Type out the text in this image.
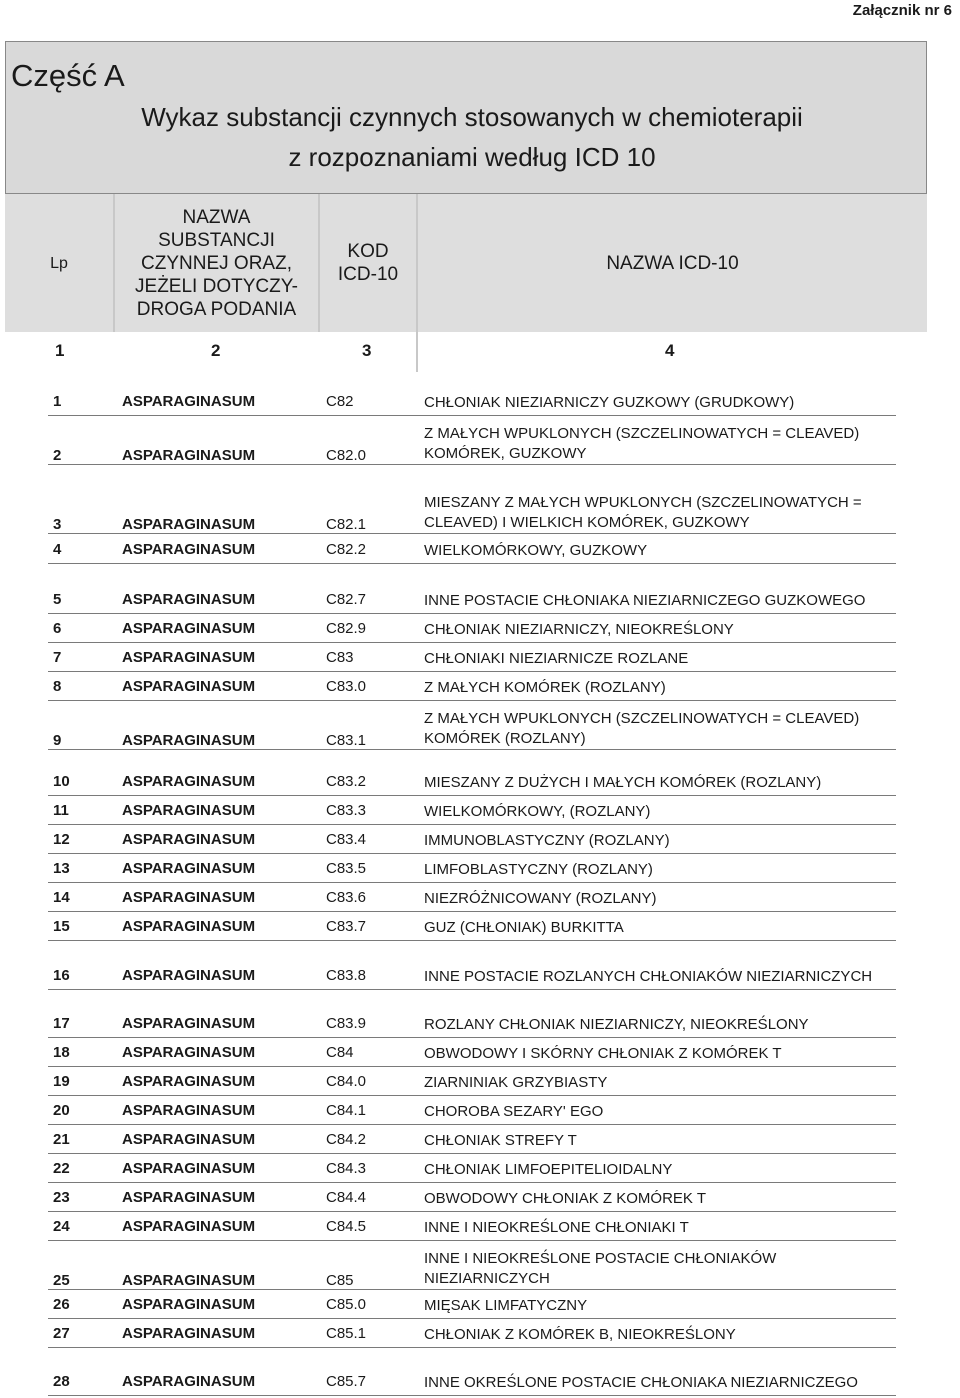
Załącznik nr 6
Część A
Wykaz substancji czynnych stosowanych w chemioterapii
z rozpoznaniami według ICD 10
Lp
NAZWA
SUBSTANCJI
CZYNNEJ ORAZ,
JEŻELI DOTYCZY-
DROGA PODANIA
KOD
ICD-10
NAZWA ICD-10
1	2	3	4
1	ASPARAGINASUM	C82	CHŁONIAK NIEZIARNICZY GUZKOWY (GRUDKOWY)
2	ASPARAGINASUM	C82.0
Z MAŁYCH WPUKLONYCH (SZCZELINOWATYCH = CLEAVED)
KOMÓREK, GUZKOWY
3	ASPARAGINASUM	C82.1
MIESZANY Z MAŁYCH WPUKLONYCH (SZCZELINOWATYCH =
CLEAVED) I WIELKICH KOMÓREK, GUZKOWY
4	ASPARAGINASUM	C82.2	WIELKOMÓRKOWY, GUZKOWY
5	ASPARAGINASUM	C82.7	INNE POSTACIE CHŁONIAKA NIEZIARNICZEGO GUZKOWEGO
6	ASPARAGINASUM	C82.9	CHŁONIAK NIEZIARNICZY, NIEOKREŚLONY
7	ASPARAGINASUM	C83	CHŁONIAKI NIEZIARNICZE ROZLANE
8	ASPARAGINASUM	C83.0	Z MAŁYCH KOMÓREK (ROZLANY)
9	ASPARAGINASUM	C83.1
Z MAŁYCH WPUKLONYCH (SZCZELINOWATYCH = CLEAVED)
KOMÓREK (ROZLANY)
10	ASPARAGINASUM	C83.2	MIESZANY Z DUŻYCH I MAŁYCH KOMÓREK (ROZLANY)
11	ASPARAGINASUM	C83.3	WIELKOMÓRKOWY, (ROZLANY)
12	ASPARAGINASUM	C83.4	IMMUNOBLASTYCZNY (ROZLANY)
13	ASPARAGINASUM	C83.5	LIMFOBLASTYCZNY (ROZLANY)
14	ASPARAGINASUM	C83.6	NIEZRÓŻNICOWANY (ROZLANY)
15	ASPARAGINASUM	C83.7	GUZ (CHŁONIAK) BURKITTA
16	ASPARAGINASUM	C83.8	INNE POSTACIE ROZLANYCH CHŁONIAKÓW NIEZIARNICZYCH
17	ASPARAGINASUM	C83.9	ROZLANY CHŁONIAK NIEZIARNICZY, NIEOKREŚLONY
18	ASPARAGINASUM	C84	OBWODOWY I SKÓRNY CHŁONIAK Z KOMÓREK T
19	ASPARAGINASUM	C84.0	ZIARNINIAK GRZYBIASTY
20	ASPARAGINASUM	C84.1	CHOROBA SEZARY' EGO
21	ASPARAGINASUM	C84.2	CHŁONIAK STREFY T
22	ASPARAGINASUM	C84.3	CHŁONIAK LIMFOEPITELIOIDALNY
23	ASPARAGINASUM	C84.4	OBWODOWY CHŁONIAK Z KOMÓREK T
24	ASPARAGINASUM	C84.5	INNE I NIEOKREŚLONE CHŁONIAKI T
25	ASPARAGINASUM	C85
INNE I NIEOKREŚLONE POSTACIE CHŁONIAKÓW
NIEZIARNICZYCH
26	ASPARAGINASUM	C85.0	MIĘSAK LIMFATYCZNY
27	ASPARAGINASUM	C85.1	CHŁONIAK Z KOMÓREK B, NIEOKREŚLONY
28	ASPARAGINASUM	C85.7	INNE OKREŚLONE POSTACIE CHŁONIAKA NIEZIARNICZEGO
